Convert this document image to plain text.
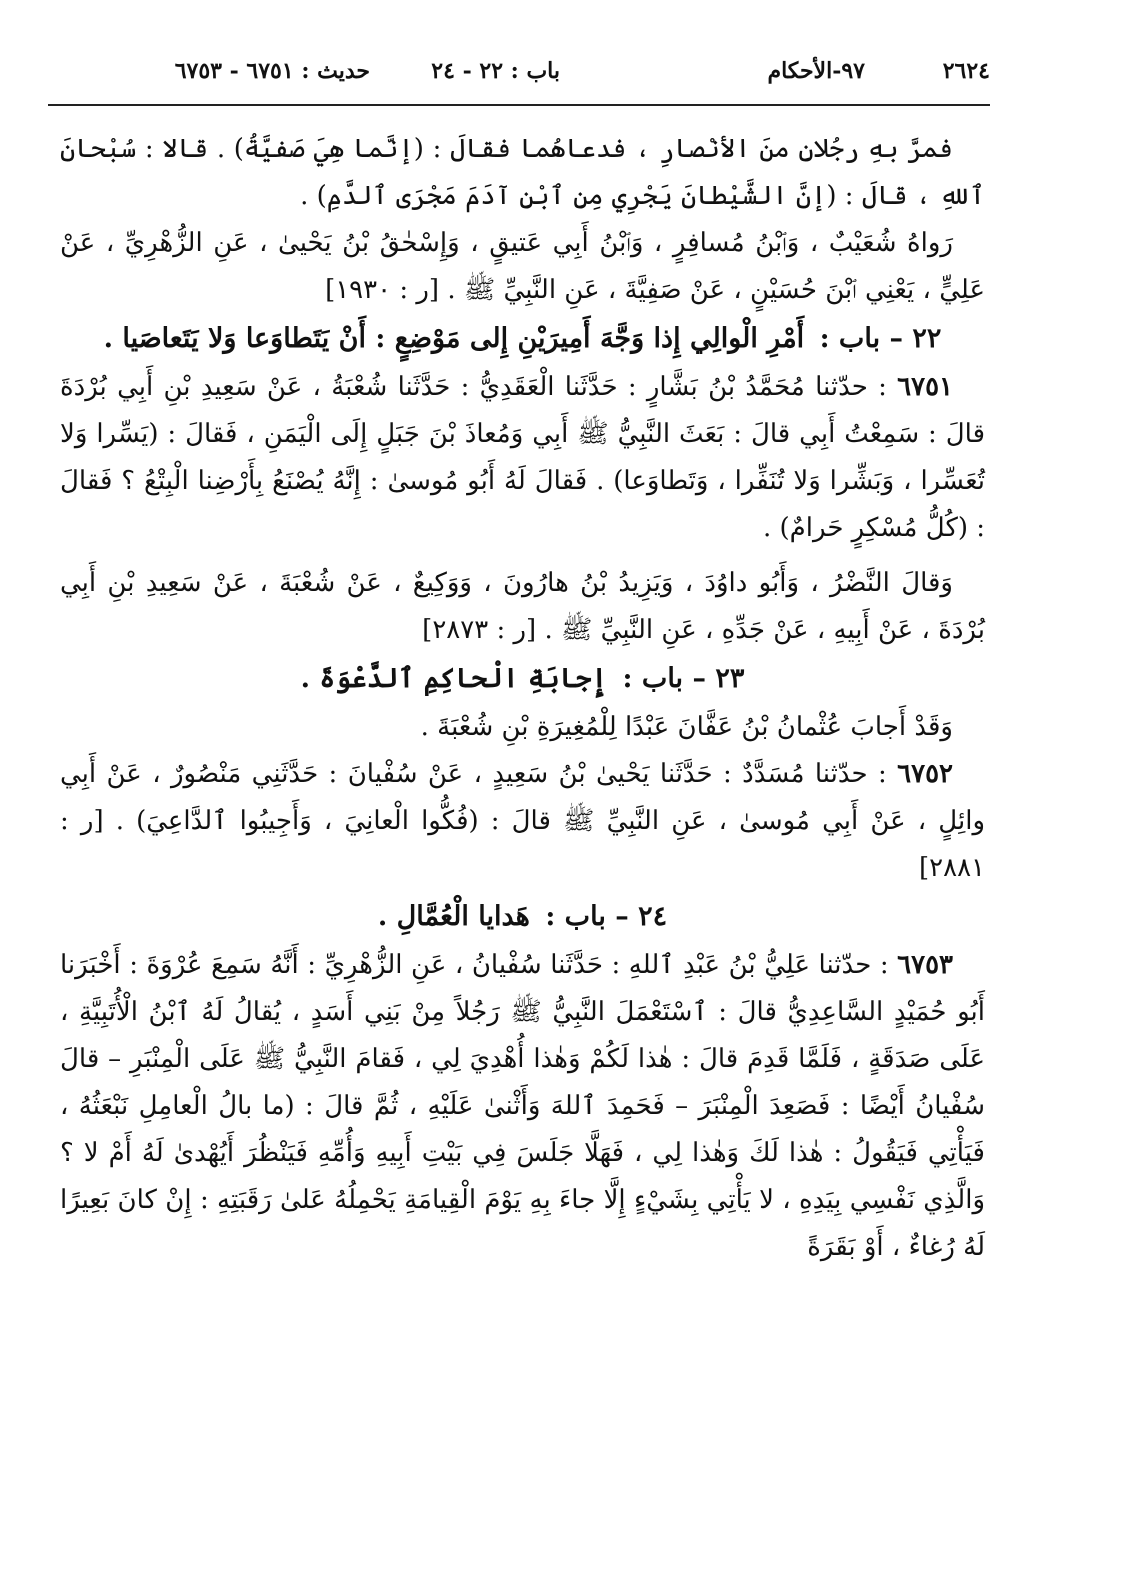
٢٦٢٤
٩٧-الأحكام
باب : ٢٢ - ٢٤
حديث : ٦٧٥١ - ٦٧٥٣

فمرَّ بهِ رجُلانِ منَ الأنْصارِ ، فدعاهُما فقالَ : (إنَّما هِيَ صَفيَّةُ) . قالا : سُبْحانَ ٱللهِ ، قالَ : (إنَّ الشَّيْطانَ يَجْرِي مِنِ ٱبْنِ آدَمَ مَجْرَى ٱلدَّمِ) .

رَواهُ شُعَيْبٌ ، وَٱبْنُ مُسافِرٍ ، وَٱبْنُ أَبِي عَتيقٍ ، وَإِسْحٰقُ بْنُ يَحْيىٰ ، عَنِ الزُّهْرِيِّ ، عَنْ عَلِيٍّ ، يَعْنِي ٱبْنَ حُسَيْنٍ ، عَنْ صَفِيَّةَ ، عَنِ النَّبِيِّ ﷺ . [ر : ١٩٣٠]

٢٢ – باب : أَمْرِ الْوالِي إِذا وَجَّهَ أَمِيرَيْنِ إِلى مَوْضِعٍ : أَنْ يَتَطاوَعا وَلا يَتَعاصَيا .

٦٧٥١ : حدّثنا مُحَمَّدُ بْنُ بَشَّارٍ : حَدَّثَنا الْعَقَدِيُّ : حَدَّثَنا شُعْبَةُ ، عَنْ سَعِيدِ بْنِ أَبِي بُرْدَةَ قالَ : سَمِعْتُ أَبِي قالَ : بَعَثَ النَّبِيُّ ﷺ أَبِي وَمُعاذَ بْنَ جَبَلٍ إِلَى الْيَمَنِ ، فَقالَ : (يَسِّرا وَلا تُعَسِّرا ، وَبَشِّرا وَلا تُنَفِّرا ، وَتَطاوَعا) . فَقالَ لَهُ أَبُو مُوسىٰ : إِنَّهُ يُصْنَعُ بِأَرْضِنا الْبِتْعُ ؟ فَقالَ : (كُلُّ مُسْكِرٍ حَرامٌ) .

وَقالَ النَّضْرُ ، وَأَبُو داوُدَ ، وَيَزِيدُ بْنُ هارُونَ ، وَوَكِيعٌ ، عَنْ شُعْبَةَ ، عَنْ سَعِيدِ بْنِ أَبِي بُرْدَةَ ، عَنْ أَبِيهِ ، عَنْ جَدِّهِ ، عَنِ النَّبِيِّ ﷺ . [ر : ٢٨٧٣]

٢٣ – باب : إِجابَةِ الْحاكِمِ ٱلدَّعْوَةَ .

وَقَدْ أَجابَ عُثْمانُ بْنُ عَفَّانَ عَبْدًا لِلْمُغِيرَةِ بْنِ شُعْبَةَ .

٦٧٥٢ : حدّثنا مُسَدَّدٌ : حَدَّثَنا يَحْيىٰ بْنُ سَعِيدٍ ، عَنْ سُفْيانَ : حَدَّثَنِي مَنْصُورٌ ، عَنْ أَبِي وائِلٍ ، عَنْ أَبِي مُوسىٰ ، عَنِ النَّبِيِّ ﷺ قالَ : (فُكُّوا الْعانِيَ ، وَأَجِيبُوا ٱلدَّاعِيَ) . [ر : ٢٨٨١]

٢٤ – باب : هَدايا الْعُمَّالِ .

٦٧٥٣ : حدّثنا عَلِيُّ بْنُ عَبْدِ ٱللهِ : حَدَّثَنا سُفْيانُ ، عَنِ الزُّهْرِيِّ : أَنَّهُ سَمِعَ عُرْوَةَ : أَخْبَرَنا أَبُو حُمَيْدٍ السَّاعِدِيُّ قالَ : ٱسْتَعْمَلَ النَّبِيُّ ﷺ رَجُلاً مِنْ بَنِي أَسَدٍ ، يُقالُ لَهُ ٱبْنُ الْأُتَبِيَّةِ ، عَلَى صَدَقَةٍ ، فَلَمَّا قَدِمَ قالَ : هٰذا لَكُمْ وَهٰذا أُهْدِيَ لِي ، فَقامَ النَّبِيُّ ﷺ عَلَى الْمِنْبَرِ – قالَ سُفْيانُ أَيْضًا : فَصَعِدَ الْمِنْبَرَ – فَحَمِدَ ٱللهَ وَأَثْنىٰ عَلَيْهِ ، ثُمَّ قالَ : (ما بالُ الْعامِلِ نَبْعَثُهُ ، فَيَأْتِي فَيَقُولُ : هٰذا لَكَ وَهٰذا لِي ، فَهَلَّا جَلَسَ فِي بَيْتِ أَبِيهِ وَأُمِّهِ فَيَنْظُرَ أَيُهْدىٰ لَهُ أَمْ لا ؟ وَالَّذِي نَفْسِي بِيَدِهِ ، لا يَأْتِي بِشَيْءٍ إِلَّا جاءَ بِهِ يَوْمَ الْقِيامَةِ يَحْمِلُهُ عَلىٰ رَقَبَتِهِ : إِنْ كانَ بَعِيرًا لَهُ رُغاءٌ ، أَوْ بَقَرَةً
